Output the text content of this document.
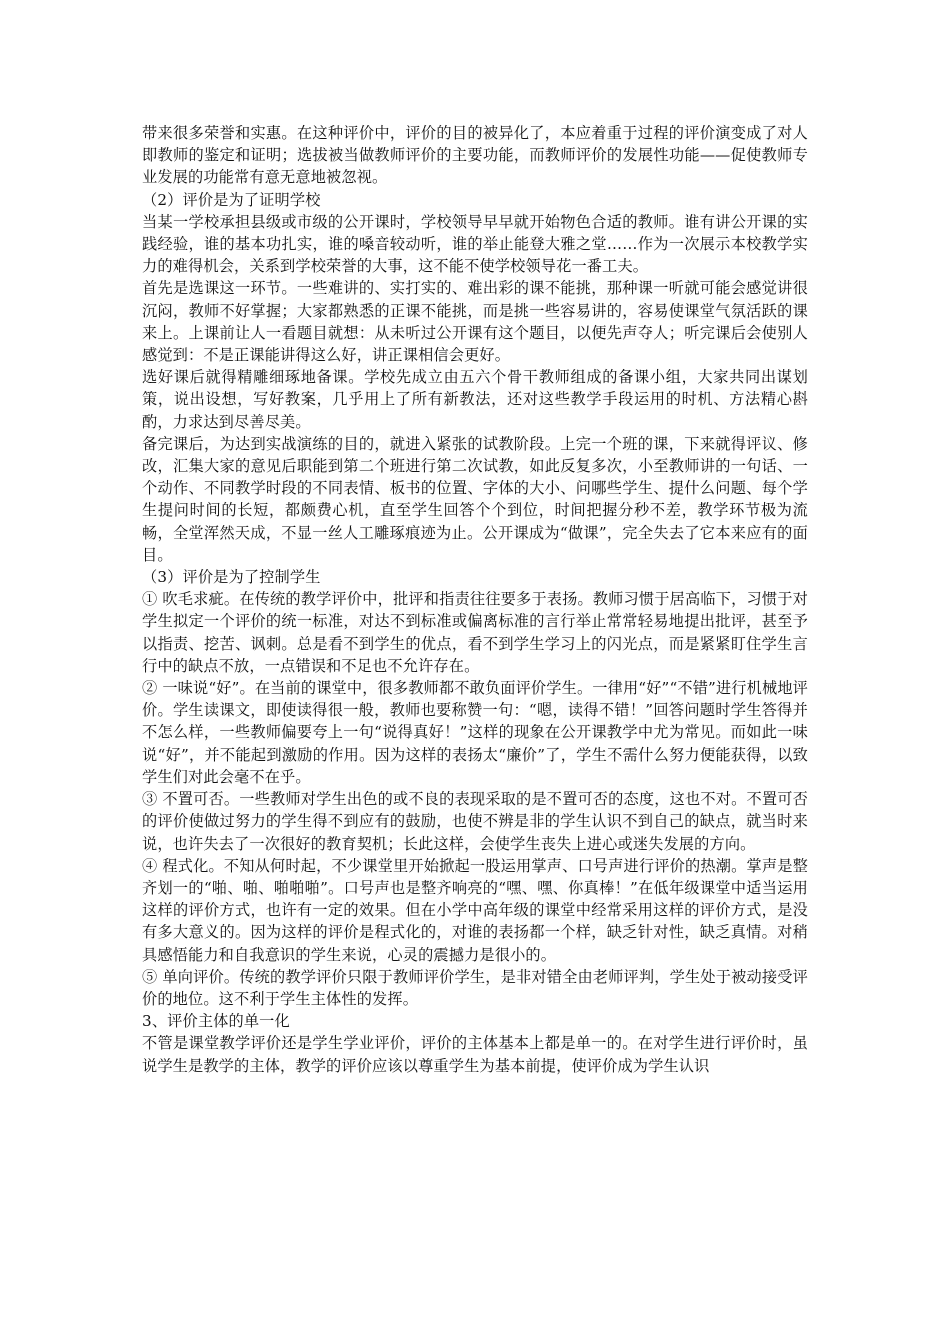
带来很多荣誉和实惠。在这种评价中，评价的目的被异化了，本应着重于过程的评价演变成了对人即教师的鉴定和证明；选拔被当做教师评价的主要功能，而教师评价的发展性功能——促使教师专业发展的功能常有意无意地被忽视。

（2）评价是为了证明学校

当某一学校承担县级或市级的公开课时，学校领导早早就开始物色合适的教师。谁有讲公开课的实践经验，谁的基本功扎实，谁的嗓音较动听，谁的举止能登大雅之堂……作为一次展示本校教学实力的难得机会，关系到学校荣誉的大事，这不能不使学校领导花一番工夫。

首先是选课这一环节。一些难讲的、实打实的、难出彩的课不能挑，那种课一听就可能会感觉讲很沉闷，教师不好掌握；大家都熟悉的正课不能挑，而是挑一些容易讲的，容易使课堂气氛活跃的课来上。上课前让人一看题目就想：从未听过公开课有这个题目，以便先声夺人；听完课后会使别人感觉到：不是正课能讲得这么好，讲正课相信会更好。

选好课后就得精雕细琢地备课。学校先成立由五六个骨干教师组成的备课小组，大家共同出谋划策，说出设想，写好教案，几乎用上了所有新教法，还对这些教学手段运用的时机、方法精心斟酌，力求达到尽善尽美。

备完课后，为达到实战演练的目的，就进入紧张的试教阶段。上完一个班的课，下来就得评议、修改，汇集大家的意见后职能到第二个班进行第二次试教，如此反复多次，小至教师讲的一句话、一个动作、不同教学时段的不同表情、板书的位置、字体的大小、问哪些学生、提什么问题、每个学生提问时间的长短，都颇费心机，直至学生回答个个到位，时间把握分秒不差，教学环节极为流畅，全堂浑然天成，不显一丝人工雕琢痕迹为止。公开课成为“做课”，完全失去了它本来应有的面目。

（3）评价是为了控制学生

① 吹毛求疵。在传统的教学评价中，批评和指责往往要多于表扬。教师习惯于居高临下，习惯于对学生拟定一个评价的统一标准，对达不到标准或偏离标准的言行举止常常轻易地提出批评，甚至予以指责、挖苦、讽刺。总是看不到学生的优点，看不到学生学习上的闪光点，而是紧紧盯住学生言行中的缺点不放，一点错误和不足也不允许存在。

② 一味说“好”。在当前的课堂中，很多教师都不敢负面评价学生。一律用“好”“不错”进行机械地评价。学生读课文，即使读得很一般，教师也要称赞一句：“嗯，读得不错！”回答问题时学生答得并不怎么样，一些教师偏要夸上一句“说得真好！”这样的现象在公开课教学中尤为常见。而如此一味说“好”，并不能起到激励的作用。因为这样的表扬太“廉价”了，学生不需什么努力便能获得，以致学生们对此会毫不在乎。

③ 不置可否。一些教师对学生出色的或不良的表现采取的是不置可否的态度，这也不对。不置可否的评价使做过努力的学生得不到应有的鼓励，也使不辨是非的学生认识不到自己的缺点，就当时来说，也许失去了一次很好的教育契机；长此这样，会使学生丧失上进心或迷失发展的方向。

④ 程式化。不知从何时起，不少课堂里开始掀起一股运用掌声、口号声进行评价的热潮。掌声是整齐划一的“啪、啪、啪啪啪”。口号声也是整齐响亮的“嘿、嘿、你真棒！”在低年级课堂中适当运用这样的评价方式，也许有一定的效果。但在小学中高年级的课堂中经常采用这样的评价方式，是没有多大意义的。因为这样的评价是程式化的，对谁的表扬都一个样，缺乏针对性，缺乏真情。对稍具感悟能力和自我意识的学生来说，心灵的震撼力是很小的。

⑤ 单向评价。传统的教学评价只限于教师评价学生，是非对错全由老师评判，学生处于被动接受评价的地位。这不利于学生主体性的发挥。

3、评价主体的单一化

不管是课堂教学评价还是学生学业评价，评价的主体基本上都是单一的。在对学生进行评价时，虽说学生是教学的主体，教学的评价应该以尊重学生为基本前提，使评价成为学生认识
